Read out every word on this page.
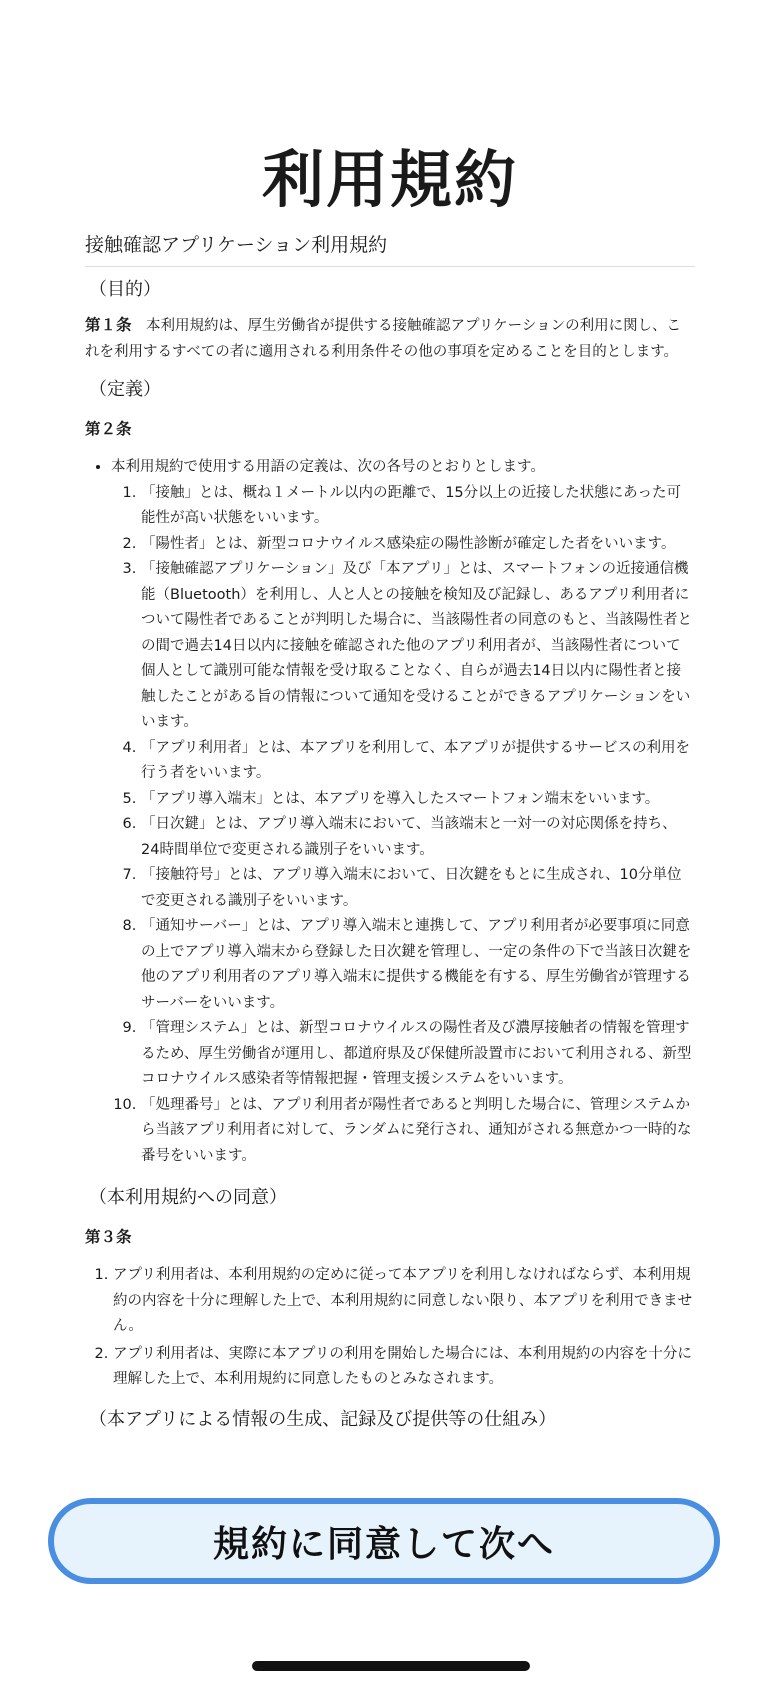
利用規約
接触確認アプリケーション利用規約
（目的）

第１条　本利用規約は、厚生労働省が提供する接触確認アプリケーションの利用に関し、これを利用するすべての者に適用される利用条件その他の事項を定めることを目的とします。

（定義）
第２条
• 本利用規約で使用する用語の定義は、次の各号のとおりとします。
1. 「接触」とは、概ね１メートル以内の距離で、15分以上の近接した状態にあった可能性が高い状態をいいます。
2. 「陽性者」とは、新型コロナウイルス感染症の陽性診断が確定した者をいいます。
3. 「接触確認アプリケーション」及び「本アプリ」とは、スマートフォンの近接通信機能（Bluetooth）を利用し、人と人との接触を検知及び記録し、あるアプリ利用者について陽性者であることが判明した場合に、当該陽性者の同意のもと、当該陽性者との間で過去14日以内に接触を確認された他のアプリ利用者が、当該陽性者について個人として識別可能な情報を受け取ることなく、自らが過去14日以内に陽性者と接触したことがある旨の情報について通知を受けることができるアプリケーションをいいます。
4. 「アプリ利用者」とは、本アプリを利用して、本アプリが提供するサービスの利用を行う者をいいます。
5. 「アプリ導入端末」とは、本アプリを導入したスマートフォン端末をいいます。
6. 「日次鍵」とは、アプリ導入端末において、当該端末と一対一の対応関係を持ち、24時間単位で変更される識別子をいいます。
7. 「接触符号」とは、アプリ導入端末において、日次鍵をもとに生成され、10分単位で変更される識別子をいいます。
8. 「通知サーバー」とは、アプリ導入端末と連携して、アプリ利用者が必要事項に同意の上でアプリ導入端末から登録した日次鍵を管理し、一定の条件の下で当該日次鍵を他のアプリ利用者のアプリ導入端末に提供する機能を有する、厚生労働省が管理するサーバーをいいます。
9. 「管理システム」とは、新型コロナウイルスの陽性者及び濃厚接触者の情報を管理するため、厚生労働省が運用し、都道府県及び保健所設置市において利用される、新型コロナウイルス感染者等情報把握・管理支援システムをいいます。
10. 「処理番号」とは、アプリ利用者が陽性者であると判明した場合に、管理システムから当該アプリ利用者に対して、ランダムに発行され、通知がされる無意かつ一時的な番号をいいます。
（本利用規約への同意）
第３条
1. アプリ利用者は、本利用規約の定めに従って本アプリを利用しなければならず、本利用規約の内容を十分に理解した上で、本利用規約に同意しない限り、本アプリを利用できません。
2. アプリ利用者は、実際に本アプリの利用を開始した場合には、本利用規約の内容を十分に理解した上で、本利用規約に同意したものとみなされます。
（本アプリによる情報の生成、記録及び提供等の仕組み）
規約に同意して次へ
